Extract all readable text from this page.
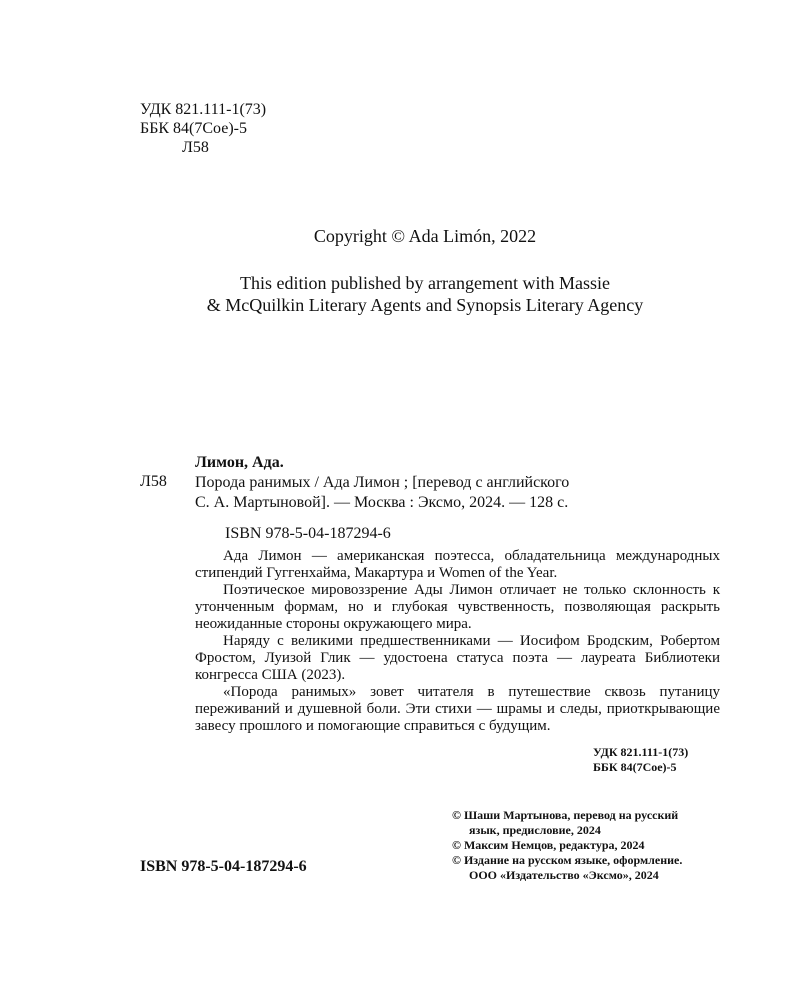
УДК 821.111-1(73)
ББК 84(7Сое)-5
Л58
Copyright © Ada Limón, 2022
This edition published by arrangement with Massie
& McQuilkin Literary Agents and Synopsis Literary Agency
Лимон, Ада.
Л58 Порода ранимых / Ада Лимон ; [перевод с английского
С. А. Мартыновой]. — Москва : Эксмо, 2024. — 128 с.
ISBN 978-5-04-187294-6

Ада Лимон — американская поэтесса, обладательница международных стипендий Гуггенхайма, Макартура и Women of the Year.

Поэтическое мировоззрение Ады Лимон отличает не только склонность к утонченным формам, но и глубокая чувственность, позволяющая раскрыть неожиданные стороны окружающего мира.

Наряду с великими предшественниками — Иосифом Бродским, Робертом Фростом, Луизой Глик — удостоена статуса поэта — лауреата Библиотеки конгресса США (2023).

«Порода ранимых» зовет читателя в путешествие сквозь путаницу переживаний и душевной боли. Эти стихи — шрамы и следы, приоткрывающие завесу прошлого и помогающие справиться с будущим.

УДК 821.111-1(73)
ББК 84(7Сое)-5
© Шаши Мартынова, перевод на русский
язык, предисловие, 2024
© Максим Немцов, редактура, 2024
© Издание на русском языке, оформление.
ООО «Издательство «Эксмо», 2024
ISBN 978-5-04-187294-6
